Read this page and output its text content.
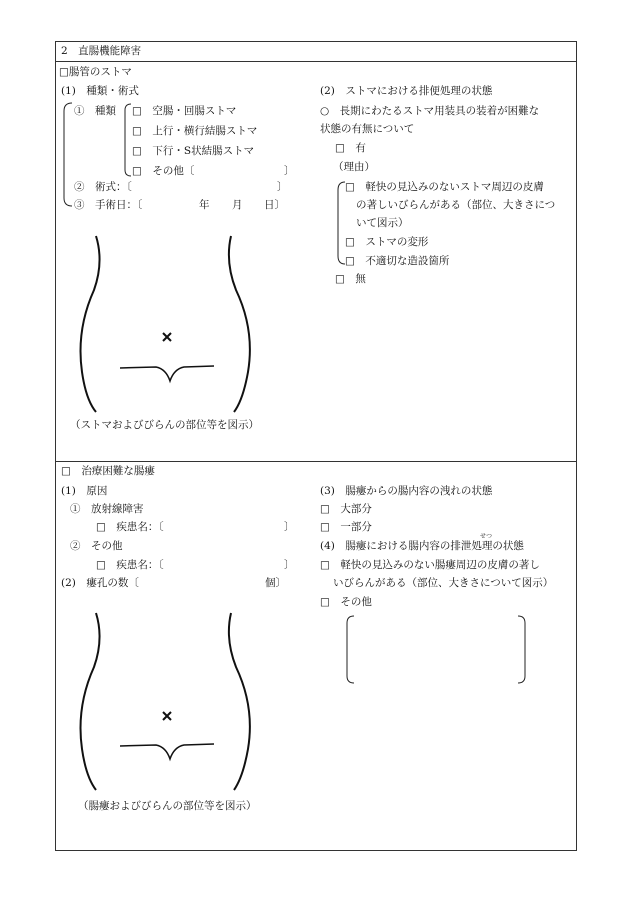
2　直腸機能障害
□腸管のストマ
(1)　種類・術式
①　種類 □　空腸・回腸ストマ
□　上行・横行結腸ストマ
□　下行・S状結腸ストマ
□　その他〔	〕
②　術式：〔	〕
③　手術日：〔	年 月 日〕
（ストマおよびびらんの部位等を図示）
(2)　ストマにおける排便処理の状態
○　長期にわたるストマ用装具の装着が困難な
状態の有無について
□　有
（理由）
□　軽快の見込みのないストマ周辺の皮膚
の著しいびらんがある（部位、大きさにつ
いて図示）
□　ストマの変形
□　不適切な造設箇所
□　無
□　治療困難な腸瘻
(1)　原因
①　放射線障害
□　疾患名：〔	〕
②　その他
□　疾患名：〔	〕
(2)　瘻孔の数〔	個〕
(3)　腸瘻からの腸内容の洩れの状態
□　大部分
□　一部分
せつ
(4)　腸瘻における腸内容の排泄処理の状態
□　軽快の見込みのない腸瘻周辺の皮膚の著し
いびらんがある（部位、大きさについて図示）
□　その他
（腸瘻およびびらんの部位等を図示）
